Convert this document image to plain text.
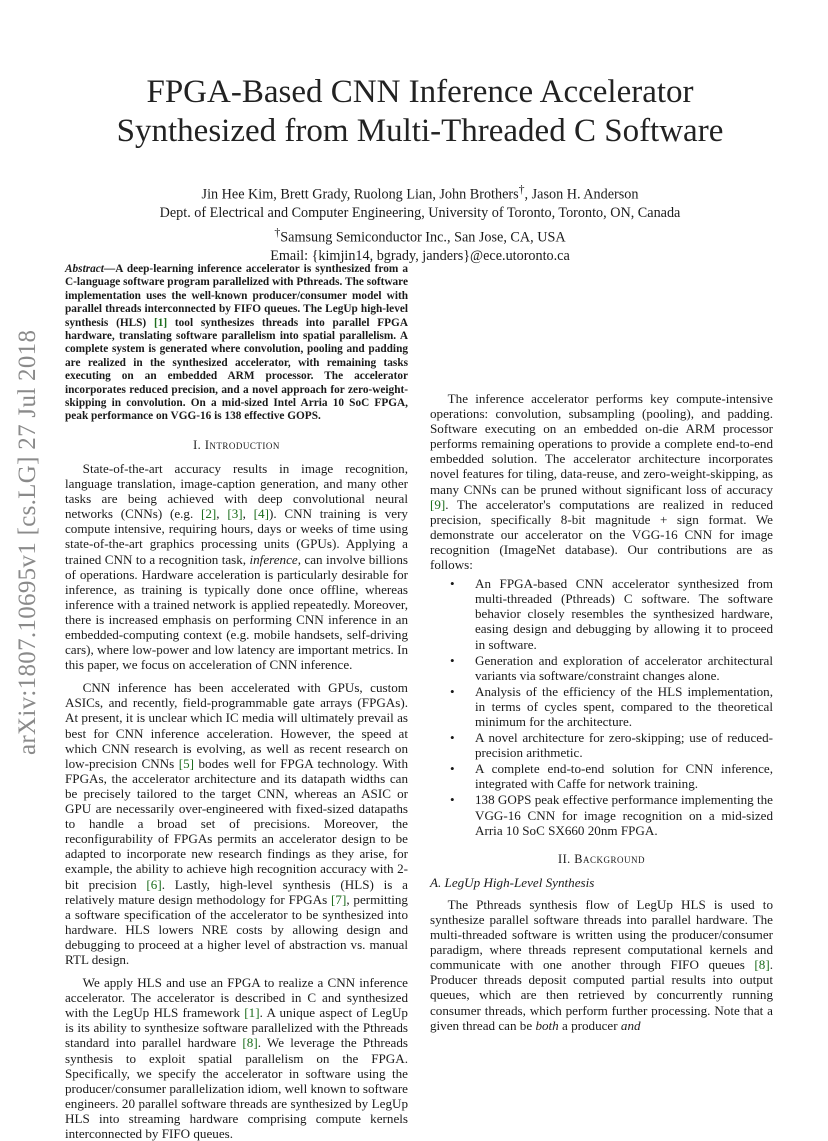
arXiv:1807.10695v1 [cs.LG] 27 Jul 2018
FPGA-Based CNN Inference Accelerator
Synthesized from Multi-Threaded C Software
Jin Hee Kim, Brett Grady, Ruolong Lian, John Brothers†, Jason H. Anderson
Dept. of Electrical and Computer Engineering, University of Toronto, Toronto, ON, Canada
†Samsung Semiconductor Inc., San Jose, CA, USA
Email: {kimjin14, bgrady, janders}@ece.utoronto.ca

Abstract—A deep-learning inference accelerator is synthesized from a C-language software program parallelized with Pthreads. The software implementation uses the well-known producer/consumer model with parallel threads interconnected by FIFO queues. The LegUp high-level synthesis (HLS) [ 1 ] tool synthesizes threads into parallel FPGA hardware, translating software parallelism into spatial parallelism. A complete system is generated where convolution, pooling and padding are realized in the synthesized accelerator, with remaining tasks executing on an embedded ARM processor. The accelerator incorporates reduced precision, and a novel approach for zero-weight-skipping in convolution. On a mid-sized Intel Arria 10 SoC FPGA, peak performance on VGG-16 is 138 effective GOPS.

I. Introduction

State-of-the-art accuracy results in image recognition, language translation, image-caption generation, and many other tasks are being achieved with deep convolutional neural networks (CNNs) (e.g. [ 2 ] , [ 3 ] , [ 4 ] ). CNN training is very compute intensive, requiring hours, days or weeks of time using state-of-the-art graphics processing units (GPUs). Applying a trained CNN to a recognition task, inference, can involve billions of operations. Hardware acceleration is particularly desirable for inference, as training is typically done once offline, whereas inference with a trained network is applied repeatedly. Moreover, there is increased emphasis on performing CNN inference in an embedded-computing context (e.g. mobile handsets, self-driving cars), where low-power and low latency are important metrics. In this paper, we focus on acceleration of CNN inference.

CNN inference has been accelerated with GPUs, custom ASICs, and recently, field-programmable gate arrays (FPGAs). At present, it is unclear which IC media will ultimately prevail as best for CNN inference acceleration. However, the speed at which CNN research is evolving, as well as recent research on low-precision CNNs [ 5 ] bodes well for FPGA technology. With FPGAs, the accelerator architecture and its datapath widths can be precisely tailored to the target CNN, whereas an ASIC or GPU are necessarily over-engineered with fixed-sized datapaths to handle a broad set of precisions. Moreover, the reconfigurability of FPGAs permits an accelerator design to be adapted to incorporate new research findings as they arise, for example, the ability to achieve high recognition accuracy with 2-bit precision [ 6 ] . Lastly, high-level synthesis (HLS) is a relatively mature design methodology for FPGAs [ 7 ] , permitting a software specification of the accelerator to be synthesized into hardware. HLS lowers NRE costs by allowing design and debugging to proceed at a higher level of abstraction vs. manual RTL design.

We apply HLS and use an FPGA to realize a CNN inference accelerator. The accelerator is described in C and synthesized with the LegUp HLS framework [ 1 ] . A unique aspect of LegUp is its ability to synthesize software parallelized with the Pthreads standard into parallel hardware [ 8 ] . We leverage the Pthreads synthesis to exploit spatial parallelism on the FPGA. Specifically, we specify the accelerator in software using the producer/consumer parallelization idiom, well known to software engineers. 20 parallel software threads are synthesized by LegUp HLS into streaming hardware comprising compute kernels interconnected by FIFO queues.

The inference accelerator performs key compute-intensive operations: convolution, subsampling (pooling), and padding. Software executing on an embedded on-die ARM processor performs remaining operations to provide a complete end-to-end embedded solution. The accelerator architecture incorporates novel features for tiling, data-reuse, and zero-weight-skipping, as many CNNs can be pruned without significant loss of accuracy [ 9 ] . The accelerator's computations are realized in reduced precision, specifically 8-bit magnitude + sign format. We demonstrate our accelerator on the VGG-16 CNN for image recognition (ImageNet database). Our contributions are as follows:

• An FPGA-based CNN accelerator synthesized from multi-threaded (Pthreads) C software. The software behavior closely resembles the synthesized hardware, easing design and debugging by allowing it to proceed in software.
• Generation and exploration of accelerator architectural variants via software/constraint changes alone.
• Analysis of the efficiency of the HLS implementation, in terms of cycles spent, compared to the theoretical minimum for the architecture.
• A novel architecture for zero-skipping; use of reduced-precision arithmetic.
• A complete end-to-end solution for CNN inference, integrated with Caffe for network training.
• 138 GOPS peak effective performance implementing the VGG-16 CNN for image recognition on a mid-sized Arria 10 SoC SX660 20nm FPGA.
II. Background
A. LegUp High-Level Synthesis

The Pthreads synthesis flow of LegUp HLS is used to synthesize parallel software threads into parallel hardware. The multi-threaded software is written using the producer/consumer paradigm, where threads represent computational kernels and communicate with one another through FIFO queues [ 8 ] . Producer threads deposit computed partial results into output queues, which are then retrieved by concurrently running consumer threads, which perform further processing. Note that a given thread can be both a producer and
